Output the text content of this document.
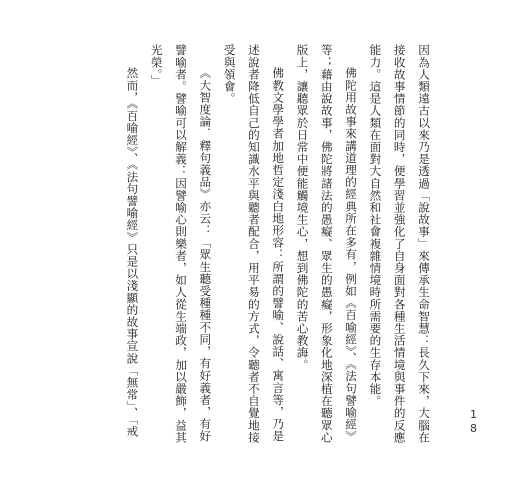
因為人類遠古以來乃是透過「說故事」來傳承生命智慧：長久下來，大腦在接收故事情節的同時，便學習並強化了自身面對各種生活情境與事件的反應能力。這是人類在面對大自然和社會複雜情境時所需要的生存本能。

佛陀用故事來講道理的經典所在多有，例如《百喻經》、《法句譬喻經》等；藉由說故事，佛陀將諸法的愚癡、眾生的愚癡，形象化地深植在聽眾心版上，讓聽眾於日常中便能觸境生心，想到佛陀的苦心教誨。

佛教文學學者加地哲定淺白地形容：所謂的譬喻、說話、寓言等，乃是述說者降低自己的知識水平與聽者配合，用平易的方式，令聽者不自覺地接受與領會。

《大智度論．釋句義品》亦云：「眾生聽受種種不同，有好義者，有好譬喻者。譬喻可以解義：因譬喻心則樂者，如人從生端政，加以嚴飾，益其光榮。」

然而，《百喻經》、《法句譬喻經》只是以淺顯的故事宣說「無常」、「戒	18
